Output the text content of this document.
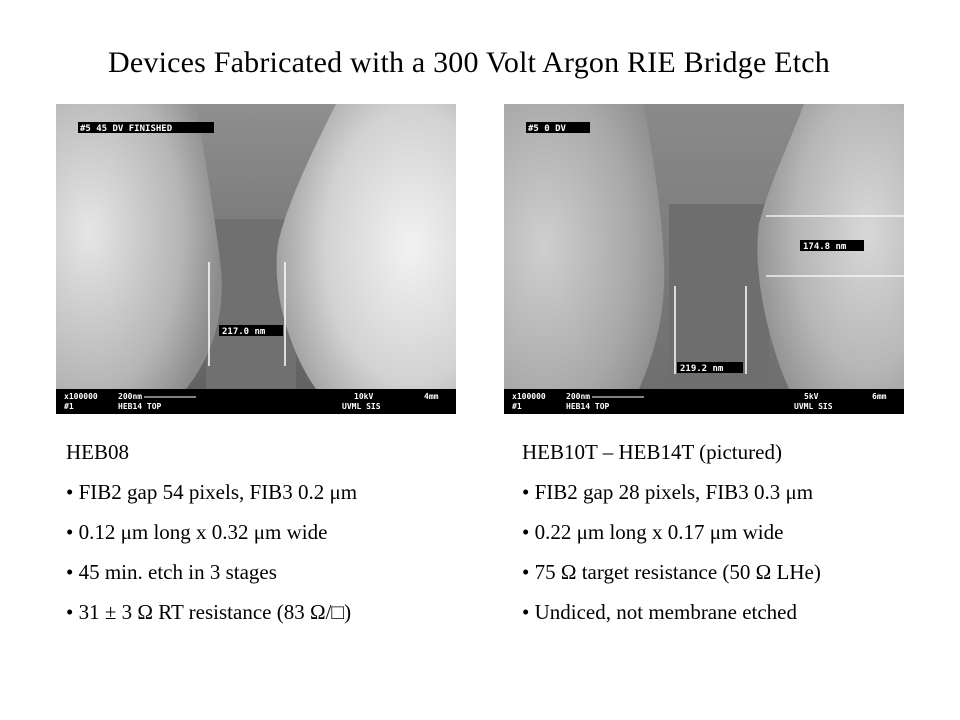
Devices Fabricated with a 300 Volt Argon RIE Bridge Etch
217.0 nm
#5 45 DV FINISHED
x100000
#1
200nm
HEB14 TOP
10kV	4mm
UVML SIS
174.8 nm
219.2 nm
#5 0 DV
x100000
#1
200nm
HEB14 TOP
5kV	6mm
UVML SIS

HEB08

• FIB2 gap 54 pixels, FIB3 0.2 μm

• 0.12 μm long x 0.32 μm wide

• 45 min. etch in 3 stages

• 31 ± 3 Ω RT resistance (83 Ω/□)

HEB10T – HEB14T (pictured)

• FIB2 gap 28 pixels, FIB3 0.3 μm

• 0.22 μm long x 0.17 μm wide

• 75 Ω target resistance (50 Ω LHe)

• Undiced, not membrane etched
